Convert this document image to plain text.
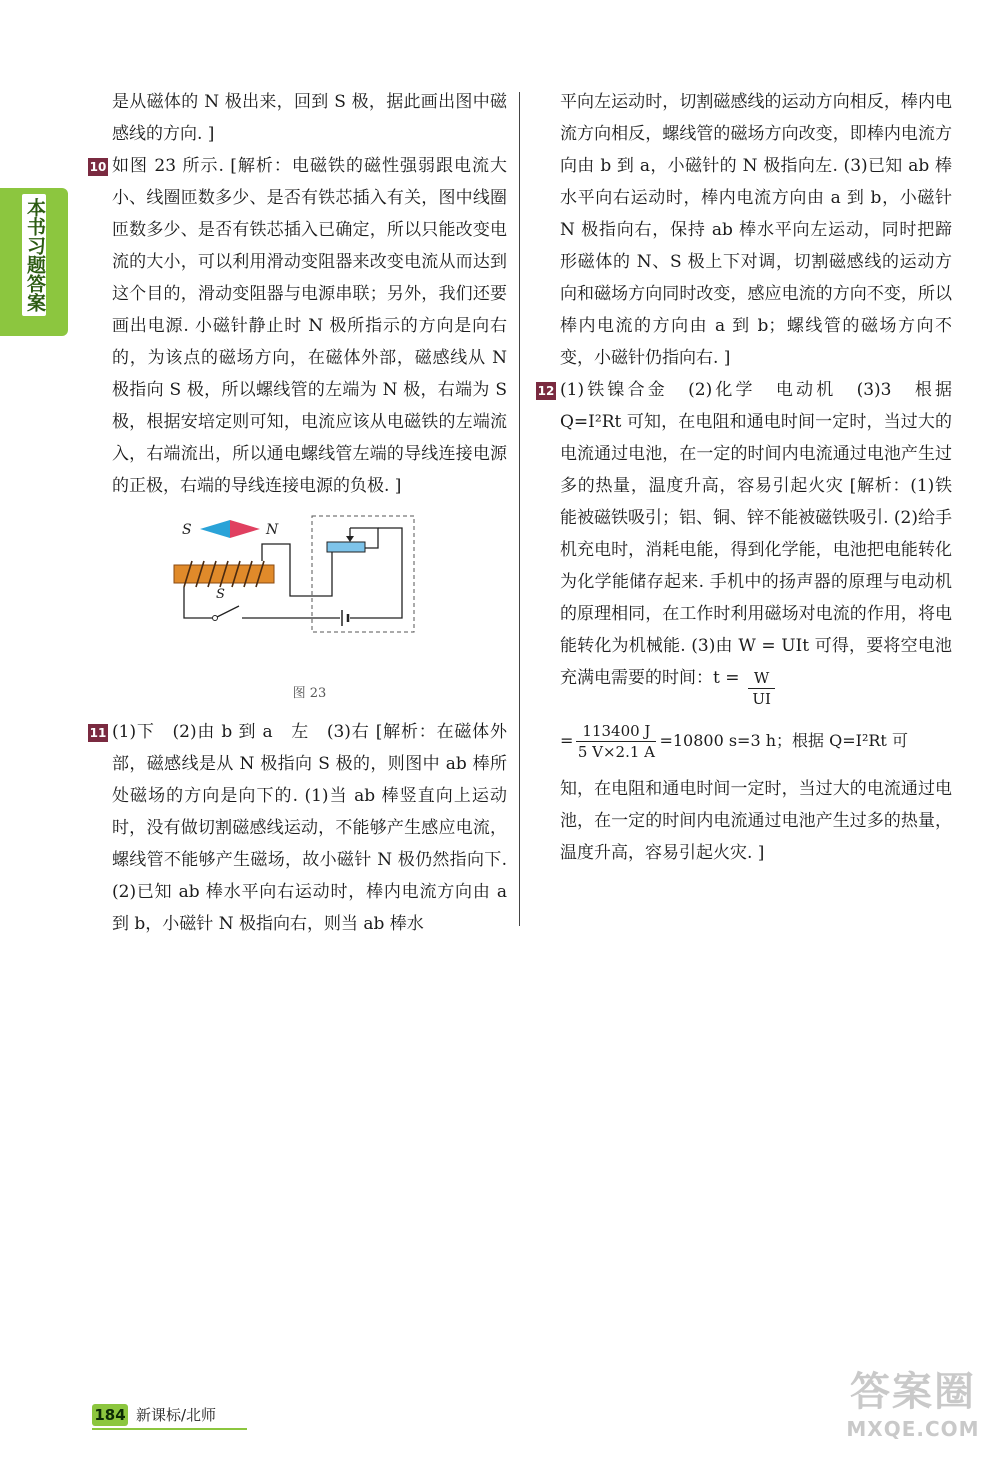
本书习题答案

是从磁体的 N 极出来，回到 S 极，据此画出图中磁感线的方向. ]

10 如图 23 所示. [解析：电磁铁的磁性强弱跟电流大小、线圈匝数多少、是否有铁芯插入有关，图中线圈匝数多少、是否有铁芯插入已确定，所以只能改变电流的大小，可以利用滑动变阻器来改变电流从而达到这个目的，滑动变阻器与电源串联；另外，我们还要画出电源. 小磁针静止时 N 极所指示的方向是向右的，为该点的磁场方向，在磁体外部，磁感线从 N 极指向 S 极，所以螺线管的左端为 N 极，右端为 S 极，根据安培定则可知，电流应该从电磁铁的左端流入，右端流出，所以通电螺线管左端的导线连接电源的正极，右端的导线连接电源的负极. ]

S	N
S
图 23
11 (1)下　(2)由 b 到 a　左　(3)右 [解析：在磁体外部，磁感线是从 N 极指向 S 极的，则图中 ab 棒所处磁场的方向是向下的. (1)当 ab 棒竖直向上运动时，没有做切割磁感线运动，不能够产生感应电流，螺线管不能够产生磁场，故小磁针 N 极仍然指向下. (2)已知 ab 棒水平向右运动时，棒内电流方向由 a 到 b，小磁针 N 极指向右，则当 ab 棒水

平向左运动时，切割磁感线的运动方向相反，棒内电流方向相反，螺线管的磁场方向改变，即棒内电流方向由 b 到 a，小磁针的 N 极指向左. (3)已知 ab 棒水平向右运动时，棒内电流方向由 a 到 b，小磁针 N 极指向右，保持 ab 棒水平向左运动，同时把蹄形磁体的 N、S 极上下对调，切割磁感线的运动方向和磁场方向同时改变，感应电流的方向不变，所以棒内电流的方向由 a 到 b；螺线管的磁场方向不变，小磁针仍指向右. ]

12 (1)铁镍合金　(2)化学　电动机　(3)3　根据 Q=I²Rt 可知，在电阻和通电时间一定时，当过大的电流通过电池，在一定的时间内电流通过电池产生过多的热量，温度升高，容易引起火灾 [解析：(1)铁能被磁铁吸引；铝、铜、锌不能被磁铁吸引. (2)给手机充电时，消耗电能，得到化学能，电池把电能转化为化学能储存起来. 手机中的扬声器的原理与电动机的原理相同，在工作时利用磁场对电流的作用，将电能转化为机械能. (3)由 W = UIt 可得，要将空电池充满电需要的时间：$t = \frac{W}{UI}$

= $\frac{113400 J}{5 V\times 2.1 A} =10800$ s=3 h；根据 Q=I²Rt 可

知，在电阻和通电时间一定时，当过大的电流通过电池，在一定的时间内电流通过电池产生过多的热量，温度升高，容易引起火灾. ]

184 新课标/北师	答案圈
MXQE.COM
